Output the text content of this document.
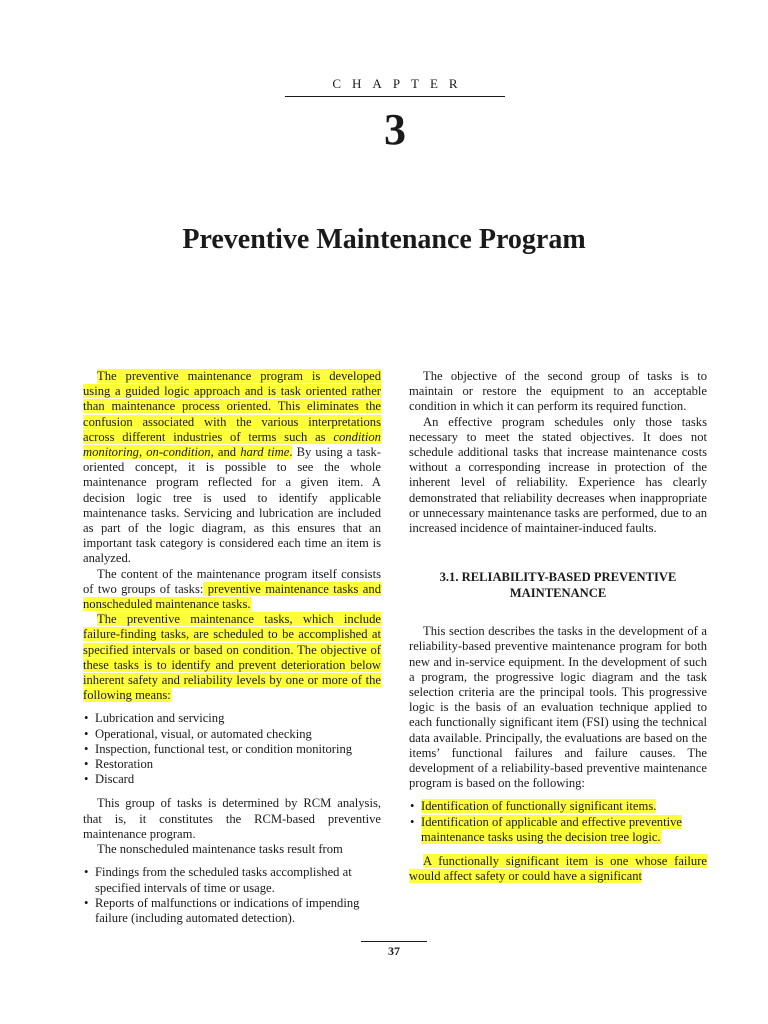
CHAPTER
3
Preventive Maintenance Program

The preventive maintenance program is developed using a guided logic approach and is task oriented rather than maintenance process oriented. This eliminates the confusion associated with the various interpretations across different industries of terms such as condition monitoring, on-condition, and hard time. By using a task-oriented concept, it is possible to see the whole maintenance program reflected for a given item. A decision logic tree is used to identify applicable maintenance tasks. Servicing and lubrication are included as part of the logic diagram, as this ensures that an important task category is considered each time an item is analyzed.

The content of the maintenance program itself consists of two groups of tasks: preventive maintenance tasks and nonscheduled maintenance tasks.

The preventive maintenance tasks, which include failure-finding tasks, are scheduled to be accomplished at specified intervals or based on condition. The objective of these tasks is to identify and prevent deterioration below inherent safety and reliability levels by one or more of the following means:

• Lubrication and servicing
• Operational, visual, or automated checking
• Inspection, functional test, or condition monitoring
• Restoration
• Discard

This group of tasks is determined by RCM analysis, that is, it constitutes the RCM-based preventive maintenance program.

The nonscheduled maintenance tasks result from

• Findings from the scheduled tasks accomplished at specified intervals of time or usage.
• Reports of malfunctions or indications of impending failure (including automated detection).

The objective of the second group of tasks is to maintain or restore the equipment to an acceptable condition in which it can perform its required function.

An effective program schedules only those tasks necessary to meet the stated objectives. It does not schedule additional tasks that increase maintenance costs without a corresponding increase in protection of the inherent level of reliability. Experience has clearly demonstrated that reliability decreases when inappropriate or unnecessary maintenance tasks are performed, due to an increased incidence of maintainer-induced faults.

3.1. RELIABILITY-BASED PREVENTIVE MAINTENANCE

This section describes the tasks in the development of a reliability-based preventive maintenance program for both new and in-service equipment. In the development of such a program, the progressive logic diagram and the task selection criteria are the principal tools. This progressive logic is the basis of an evaluation technique applied to each functionally significant item (FSI) using the technical data available. Principally, the evaluations are based on the items’ functional failures and failure causes. The development of a reliability-based preventive maintenance program is based on the following:

• Identification of functionally significant items.
• Identification of applicable and effective preventive maintenance tasks using the decision tree logic.

A functionally significant item is one whose failure would affect safety or could have a significant

37
